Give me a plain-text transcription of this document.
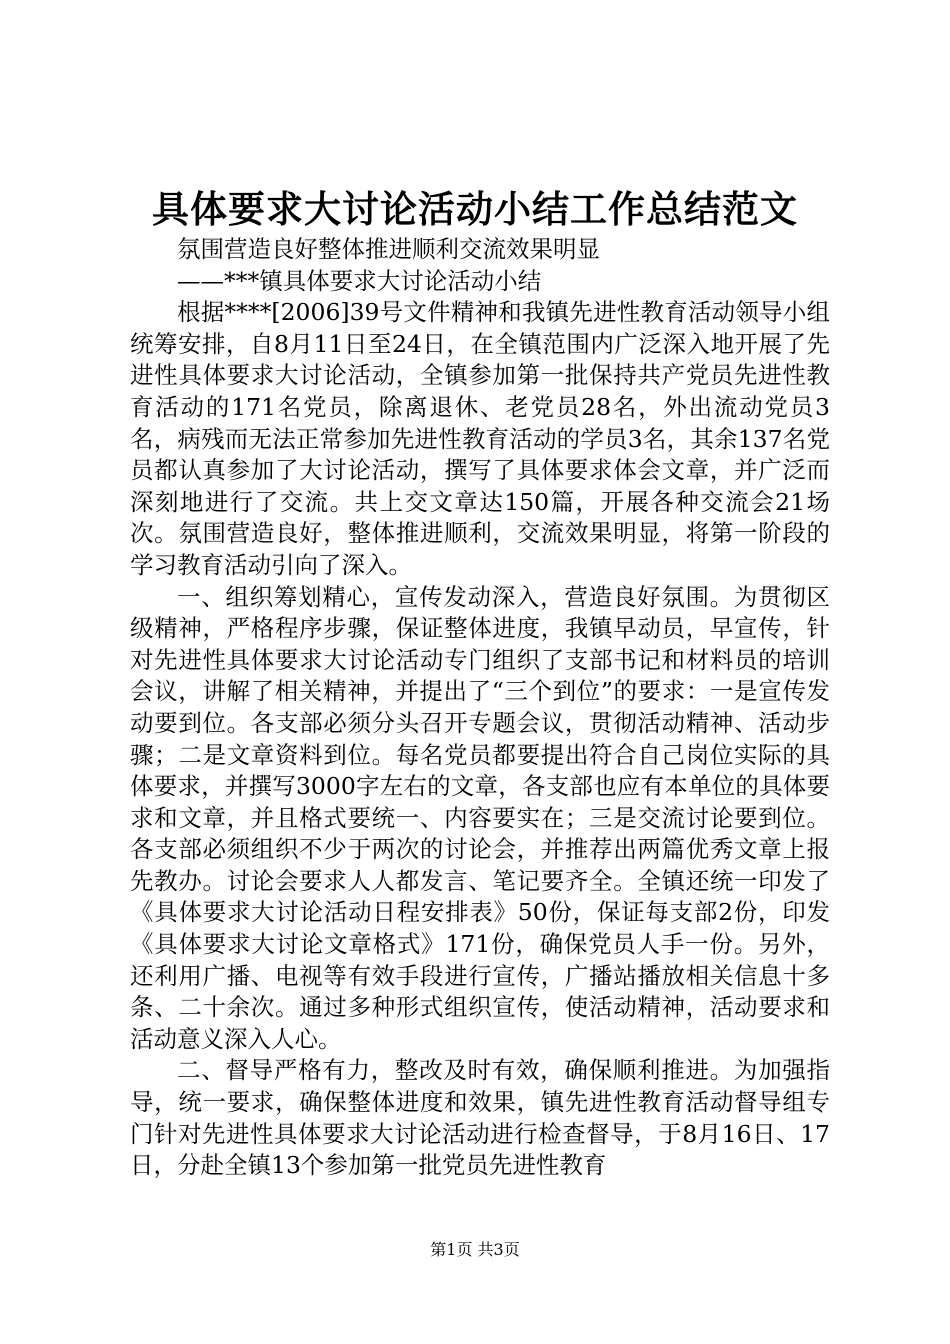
具体要求大讨论活动小结工作总结范文

氛围营造良好整体推进顺利交流效果明显

——***镇具体要求大讨论活动小结

根据****[2006]39号文件精神和我镇先进性教育活动领导小组统筹安排，自8月11日至24日，在全镇范围内广泛深入地开展了先进性具体要求大讨论活动，全镇参加第一批保持共产党员先进性教育活动的171名党员，除离退休、老党员28名，外出流动党员3名，病残而无法正常参加先进性教育活动的学员3名，其余137名党员都认真参加了大讨论活动，撰写了具体要求体会文章，并广泛而深刻地进行了交流。共上交文章达150篇，开展各种交流会21场次。氛围营造良好，整体推进顺利，交流效果明显，将第一阶段的学习教育活动引向了深入。

一、组织筹划精心，宣传发动深入，营造良好氛围。为贯彻区级精神，严格程序步骤，保证整体进度，我镇早动员，早宣传，针对先进性具体要求大讨论活动专门组织了支部书记和材料员的培训会议，讲解了相关精神，并提出了“三个到位”的要求：一是宣传发动要到位。各支部必须分头召开专题会议，贯彻活动精神、活动步骤；二是文章资料到位。每名党员都要提出符合自己岗位实际的具体要求，并撰写3000字左右的文章，各支部也应有本单位的具体要求和文章，并且格式要统一、内容要实在；三是交流讨论要到位。各支部必须组织不少于两次的讨论会，并推荐出两篇优秀文章上报先教办。讨论会要求人人都发言、笔记要齐全。全镇还统一印发了《具体要求大讨论活动日程安排表》50份，保证每支部2份，印发《具体要求大讨论文章格式》171份，确保党员人手一份。另外，还利用广播、电视等有效手段进行宣传，广播站播放相关信息十多条、二十余次。通过多种形式组织宣传，使活动精神，活动要求和活动意义深入人心。

二、督导严格有力，整改及时有效，确保顺利推进。为加强指导，统一要求，确保整体进度和效果，镇先进性教育活动督导组专门针对先进性具体要求大讨论活动进行检查督导，于8月16日、17日，分赴全镇13个参加第一批党员先进性教育

第1页 共3页
